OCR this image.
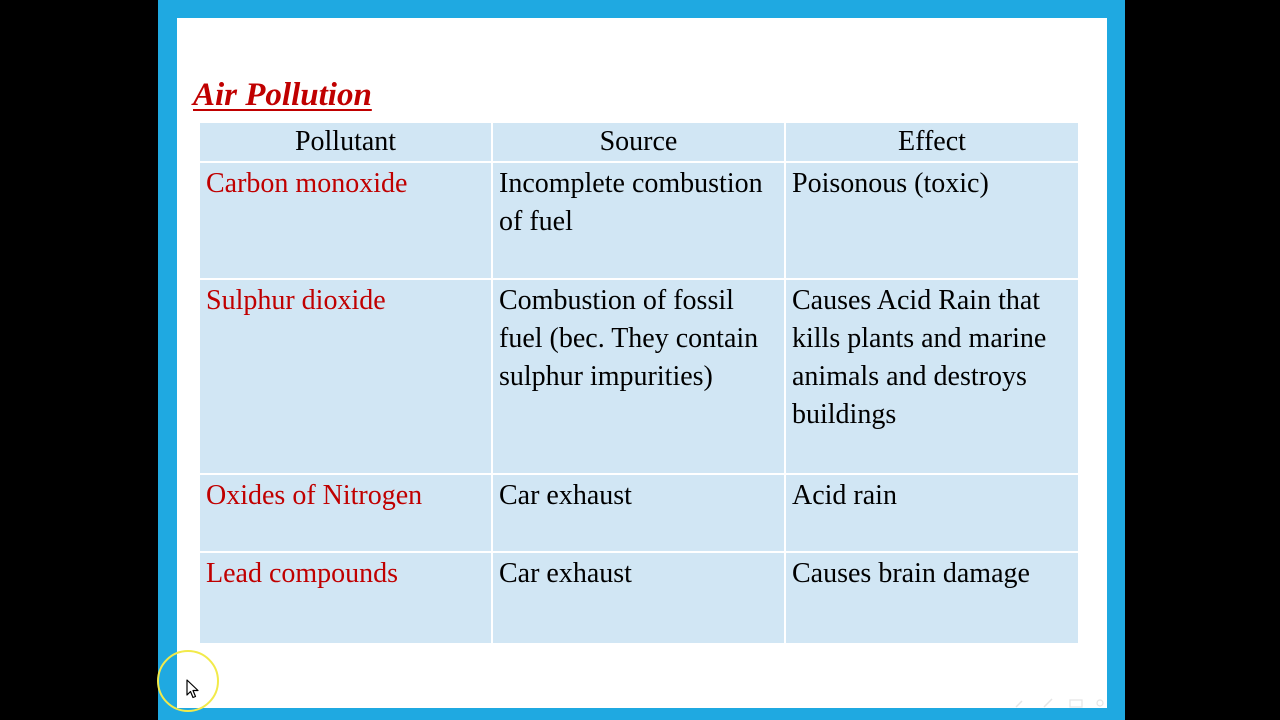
Air Pollution
Pollutant	Source	Effect
Carbon monoxide	Incomplete combustion of fuel	Poisonous (toxic)
Sulphur dioxide	Combustion of fossil fuel (bec. They contain sulphur impurities)	Causes Acid Rain that kills plants and marine animals and destroys buildings
Oxides of Nitrogen	Car exhaust	Acid rain
Lead compounds	Car exhaust	Causes brain damage
